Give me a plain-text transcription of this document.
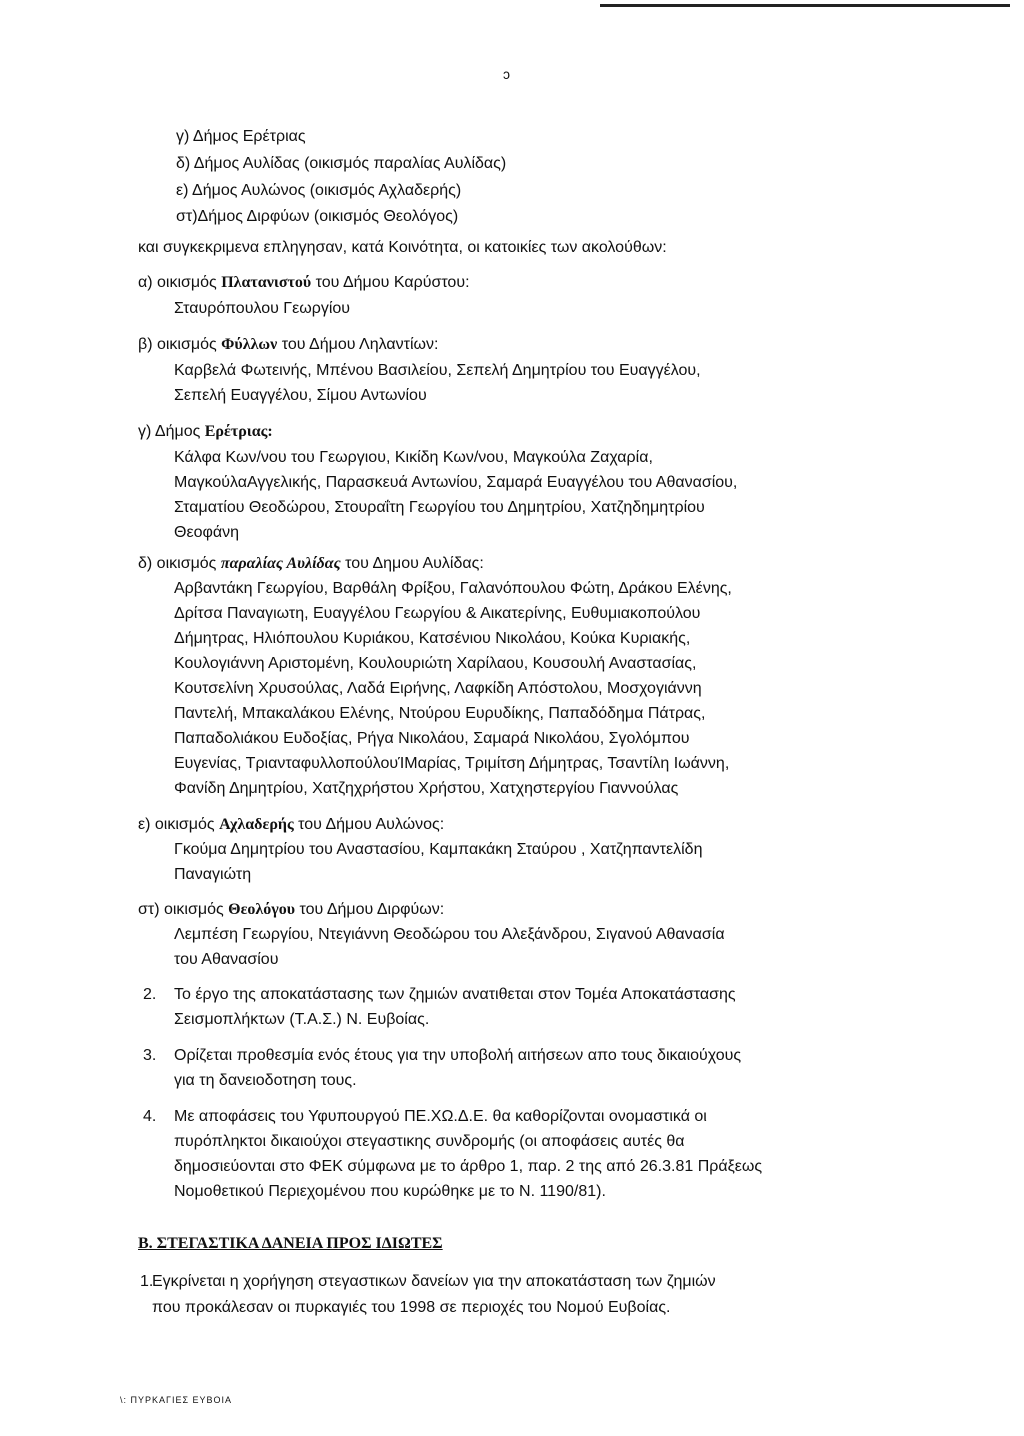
ɔ
γ) Δήμος Ερέτριας
δ) Δήμος Αυλίδας (οικισμός παραλίας Αυλίδας)
ε) Δήμος Αυλώνος (οικισμός Αχλαδερής)
στ)Δήμος Διρφύων (οικισμός Θεολόγος)
και συγκεκριμενα επληγησαν, κατά Κοινότητα, οι κατοικίες των ακολούθων:
α) οικισμός Πλατανιστού του Δήμου Καρύστου:
Σταυρόπουλου Γεωργίου
β) οικισμός Φύλλων του Δήμου Ληλαντίων:
Καρβελά Φωτεινής, Μπένου Βασιλείου, Σεπελή Δημητρίου του Ευαγγέλου,
Σεπελή Ευαγγέλου, Σίμου Αντωνίου
γ) Δήμος Ερέτριας:
Κάλφα Κων/νου του Γεωργιου, Κικίδη Κων/νου, Μαγκούλα Ζαχαρία,
ΜαγκούλαΑγγελικής, Παρασκευά Αντωνίου, Σαμαρά Ευαγγέλου του Αθανασίου,
Σταματίου Θεοδώρου, Στουραΐτη Γεωργίου του Δημητρίου, Χατζηδημητρίου
Θεοφάνη
δ) οικισμός παραλίας Αυλίδας του Δημου Αυλίδας:
Αρβαντάκη Γεωργίου, Βαρθάλη Φρίξου, Γαλανόπουλου Φώτη, Δράκου Ελένης,
Δρίτσα Παναγιωτη, Ευαγγέλου Γεωργίου & Αικατερίνης, Ευθυμιακοπούλου
Δήμητρας, Ηλιόπουλου Κυριάκου, Κατσένιου Νικολάου, Κούκα Κυριακής,
Κουλογιάννη Αριστομένη, Κουλουριώτη Χαρίλαου, Κουσουλή Αναστασίας,
Κουτσελίνη Χρυσούλας, Λαδά Ειρήνης, Λαφκίδη Απόστολου, Μοσχογιάννη
Παντελή, Μπακαλάκου Ελένης, Ντούρου Ευρυδίκης, Παπαδόδημα Πάτρας,
Παπαδολιάκου Ευδοξίας, Ρήγα Νικολάου, Σαμαρά Νικολάου, Σγολόμπου
Ευγενίας, ΤριανταφυλλοπούλουΊΜαρίας, Τριμίτση Δήμητρας, Τσαντίλη Ιωάννη,
Φανίδη Δημητρίου, Χατζηχρήστου Χρήστου, Χατχηστεργίου Γιαννούλας
ε) οικισμός Αχλαδερής του Δήμου Αυλώνος:
Γκούμα Δημητρίου του Αναστασίου, Καμπακάκη Σταύρου , Χατζηπαντελίδη
Παναγιώτη
στ) οικισμός Θεολόγου του Δήμου Διρφύων:
Λεμπέση Γεωργίου, Ντεγιάννη Θεοδώρου του Αλεξάνδρου, Σιγανού Αθανασία
του Αθανασίου
2. Το έργο της αποκατάστασης των ζημιών ανατιθεται στον Τομέα Αποκατάστασης
Σεισμοπλήκτων (Τ.Α.Σ.) Ν. Ευβοίας.
3. Ορίζεται προθεσμία ενός έτους για την υποβολή αιτήσεων απο τους δικαιούχους
για τη δανειοδοτηση τους.
4. Με αποφάσεις του Υφυπουργού ΠΕ.ΧΩ.Δ.Ε. θα καθορίζονται ονομαστικά οι
πυρόπληκτοι δικαιούχοι στεγαστικης συνδρομής (οι αποφάσεις αυτές θα
δημοσιεύονται στο ΦΕΚ σύμφωνα με το άρθρο 1, παρ. 2 της από 26.3.81 Πράξεως
Νομοθετικού Περιεχομένου που κυρώθηκε με το Ν. 1190/81).
Β. ΣΤΕΓΑΣΤΙΚΑ ΔΑΝΕΙΑ ΠΡΟΣ ΙΔΙΩΤΕΣ
1.
Εγκρίνεται η χορήγηση στεγαστικων δανείων για την αποκατάσταση των ζημιών
που προκάλεσαν οι πυρκαγιές του 1998 σε περιοχές του Νομού Ευβοίας.
\: ΠΥΡΚΑΓΙΕΣ ΕΥΒΟΙΑ
